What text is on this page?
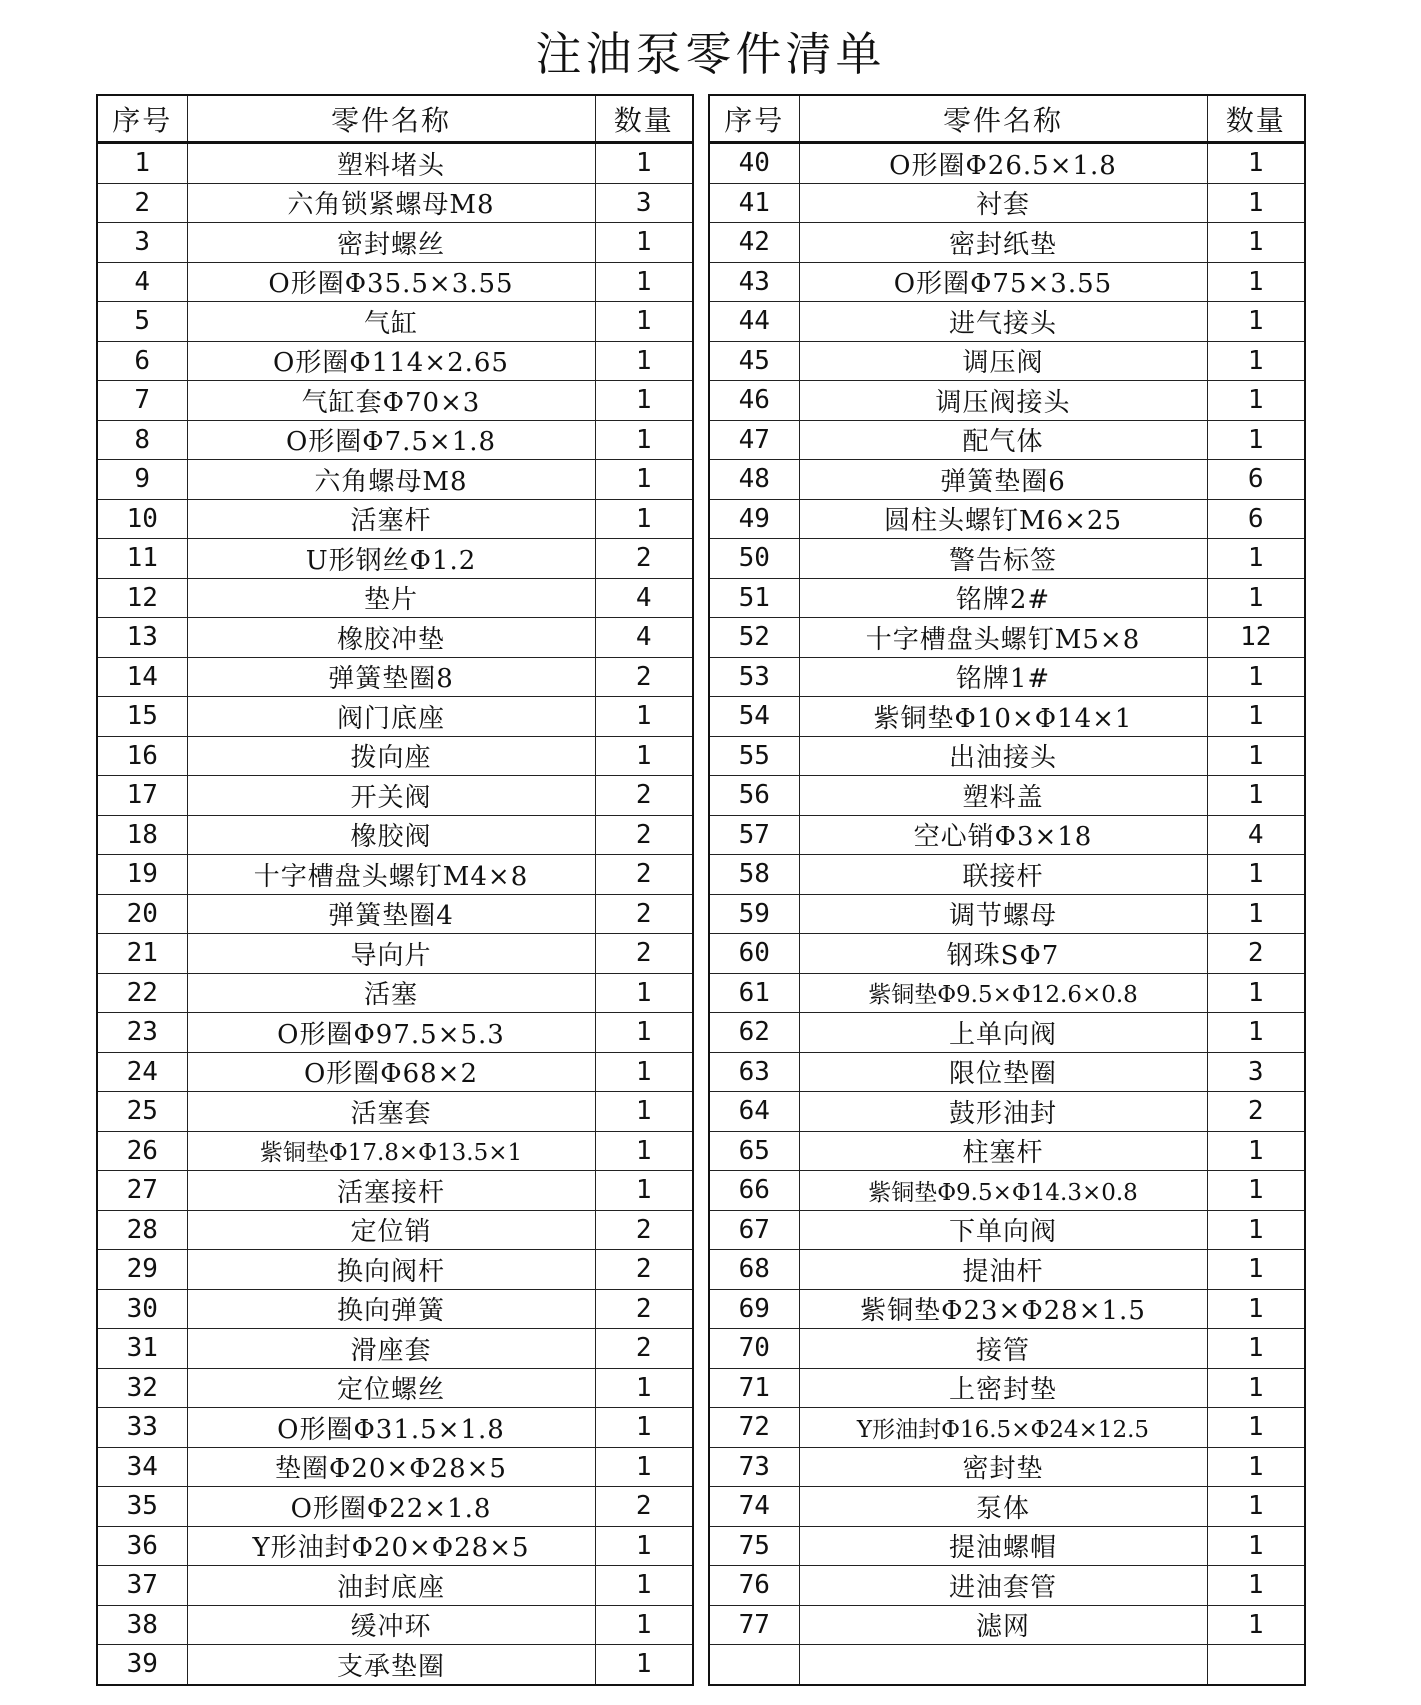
注油泵零件清单
序号	零件名称	数量
1	塑料堵头	1
2	六角锁紧螺母M8	3
3	密封螺丝	1
4	O形圈Φ35.5×3.55	1
5	气缸	1
6	O形圈Φ114×2.65	1
7	气缸套Φ70×3	1
8	O形圈Φ7.5×1.8	1
9	六角螺母M8	1
10	活塞杆	1
11	U形钢丝Φ1.2	2
12	垫片	4
13	橡胶冲垫	4
14	弹簧垫圈8	2
15	阀门底座	1
16	拨向座	1
17	开关阀	2
18	橡胶阀	2
19	十字槽盘头螺钉M4×8	2
20	弹簧垫圈4	2
21	导向片	2
22	活塞	1
23	O形圈Φ97.5×5.3	1
24	O形圈Φ68×2	1
25	活塞套	1
26	紫铜垫Φ17.8×Φ13.5×1	1
27	活塞接杆	1
28	定位销	2
29	换向阀杆	2
30	换向弹簧	2
31	滑座套	2
32	定位螺丝	1
33	O形圈Φ31.5×1.8	1
34	垫圈Φ20×Φ28×5	1
35	O形圈Φ22×1.8	2
36	Y形油封Φ20×Φ28×5	1
37	油封底座	1
38	缓冲环	1
39	支承垫圈	1
序号	零件名称	数量
40	O形圈Φ26.5×1.8	1
41	衬套	1
42	密封纸垫	1
43	O形圈Φ75×3.55	1
44	进气接头	1
45	调压阀	1
46	调压阀接头	1
47	配气体	1
48	弹簧垫圈6	6
49	圆柱头螺钉M6×25	6
50	警告标签	1
51	铭牌2#	1
52	十字槽盘头螺钉M5×8	12
53	铭牌1#	1
54	紫铜垫Φ10×Φ14×1	1
55	出油接头	1
56	塑料盖	1
57	空心销Φ3×18	4
58	联接杆	1
59	调节螺母	1
60	钢珠SΦ7	2
61	紫铜垫Φ9.5×Φ12.6×0.8	1
62	上单向阀	1
63	限位垫圈	3
64	鼓形油封	2
65	柱塞杆	1
66	紫铜垫Φ9.5×Φ14.3×0.8	1
67	下单向阀	1
68	提油杆	1
69	紫铜垫Φ23×Φ28×1.5	1
70	接管	1
71	上密封垫	1
72	Y形油封Φ16.5×Φ24×12.5	1
73	密封垫	1
74	泵体	1
75	提油螺帽	1
76	进油套管	1
77	滤网	1
